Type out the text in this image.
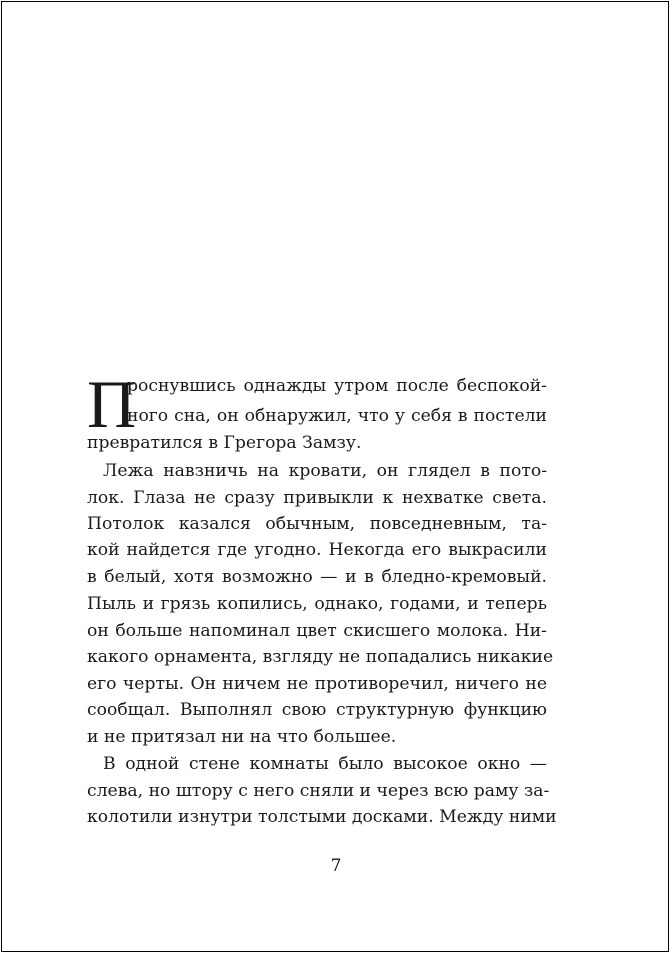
П
роснувшись однажды утром после беспокой-
ного сна, он обнаружил, что у себя в постели
превратился в Грегора Замзу.
Лежа навзничь на кровати, он глядел в пото-
лок. Глаза не сразу привыкли к нехватке света.
Потолок казался обычным, повседневным, та-
кой найдется где угодно. Некогда его выкрасили
в белый, хотя возможно — и в бледно-кремовый.
Пыль и грязь копились, однако, годами, и теперь
он больше напоминал цвет скисшего молока. Ни-
какого орнамента, взгляду не попадались никакие
его черты. Он ничем не противоречил, ничего не
сообщал. Выполнял свою структурную функцию
и не притязал ни на что большее.
В одной стене комнаты было высокое окно —
слева, но штору с него сняли и через всю раму за-
колотили изнутри толстыми досками. Между ними
7
